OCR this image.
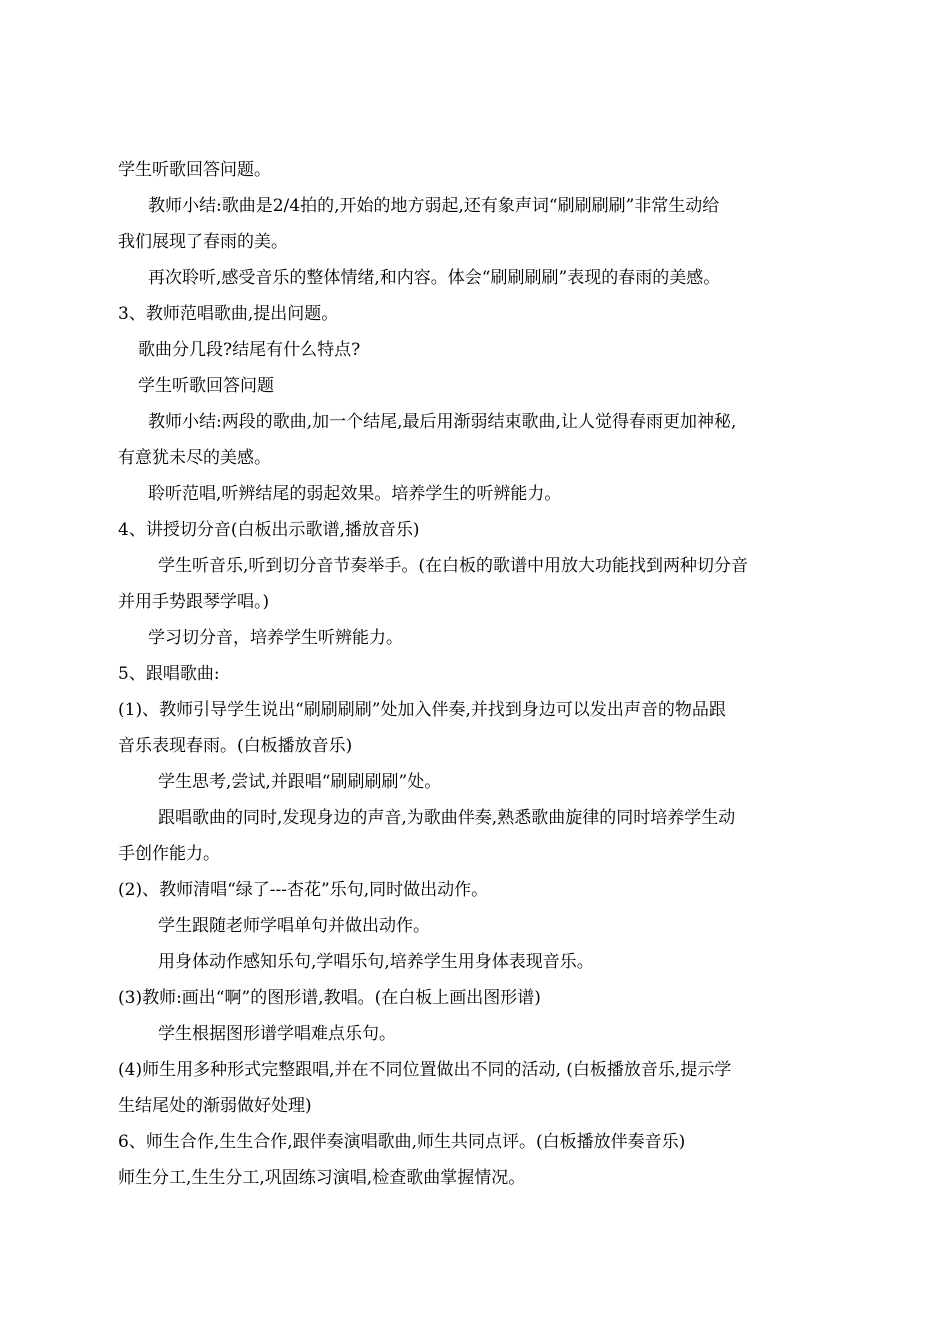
学生听歌回答问题。
教师小结:歌曲是2/4拍的,开始的地方弱起,还有象声词“刷刷刷刷”非常生动给
我们展现了春雨的美。
再次聆听,感受音乐的整体情绪,和内容。体会“刷刷刷刷”表现的春雨的美感。
3、教师范唱歌曲,提出问题。
歌曲分几段?结尾有什么特点?
学生听歌回答问题
教师小结:两段的歌曲,加一个结尾,最后用渐弱结束歌曲,让人觉得春雨更加神秘,
有意犹未尽的美感。
聆听范唱,听辨结尾的弱起效果。培养学生的听辨能力。
4、讲授切分音(白板出示歌谱,播放音乐)
学生听音乐,听到切分音节奏举手。(在白板的歌谱中用放大功能找到两种切分音
并用手势跟琴学唱。)
学习切分音，培养学生听辨能力。
5、跟唱歌曲:
(1)、教师引导学生说出“刷刷刷刷”处加入伴奏,并找到身边可以发出声音的物品跟
音乐表现春雨。(白板播放音乐)
学生思考,尝试,并跟唱“刷刷刷刷”处。
跟唱歌曲的同时,发现身边的声音,为歌曲伴奏,熟悉歌曲旋律的同时培养学生动
手创作能力。
(2)、教师清唱“绿了---杏花”乐句,同时做出动作。
学生跟随老师学唱单句并做出动作。
用身体动作感知乐句,学唱乐句,培养学生用身体表现音乐。
(3)教师:画出“啊”的图形谱,教唱。(在白板上画出图形谱)
学生根据图形谱学唱难点乐句。
(4)师生用多种形式完整跟唱,并在不同位置做出不同的活动, (白板播放音乐,提示学
生结尾处的渐弱做好处理)
6、师生合作,生生合作,跟伴奏演唱歌曲,师生共同点评。(白板播放伴奏音乐)
师生分工,生生分工,巩固练习演唱,检查歌曲掌握情况。
